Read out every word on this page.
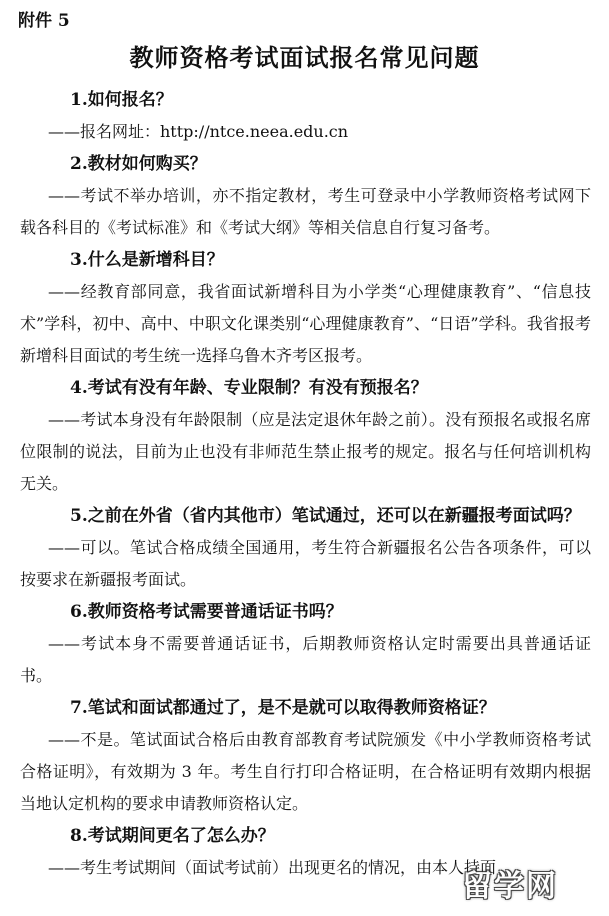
附件 5
教师资格考试面试报名常见问题

1.如何报名？

——报名网址：http://ntce.neea.edu.cn

2.教材如何购买？

——考试不举办培训，亦不指定教材，考生可登录中小学教师资格考试网下载各科目的《考试标准》和《考试大纲》等相关信息自行复习备考。

3.什么是新增科目？

——经教育部同意，我省面试新增科目为小学类“心理健康教育”、“信息技术”学科，初中、高中、中职文化课类别“心理健康教育”、“日语”学科。我省报考新增科目面试的考生统一选择乌鲁木齐考区报考。

4.考试有没有年龄、专业限制？有没有预报名？

——考试本身没有年龄限制（应是法定退休年龄之前）。没有预报名或报名席位限制的说法，目前为止也没有非师范生禁止报考的规定。报名与任何培训机构无关。

5.之前在外省（省内其他市）笔试通过，还可以在新疆报考面试吗？

——可以。笔试合格成绩全国通用，考生符合新疆报名公告各项条件，可以按要求在新疆报考面试。

6.教师资格考试需要普通话证书吗？

——考试本身不需要普通话证书，后期教师资格认定时需要出具普通话证书。

7.笔试和面试都通过了，是不是就可以取得教师资格证？

——不是。笔试面试合格后由教育部教育考试院颁发《中小学教师资格考试合格证明》，有效期为 3 年。考生自行打印合格证明，在合格证明有效期内根据当地认定机构的要求申请教师资格认定。

8.考试期间更名了怎么办？

——考生考试期间（面试考试前）出现更名的情况，由本人持面

留学网
